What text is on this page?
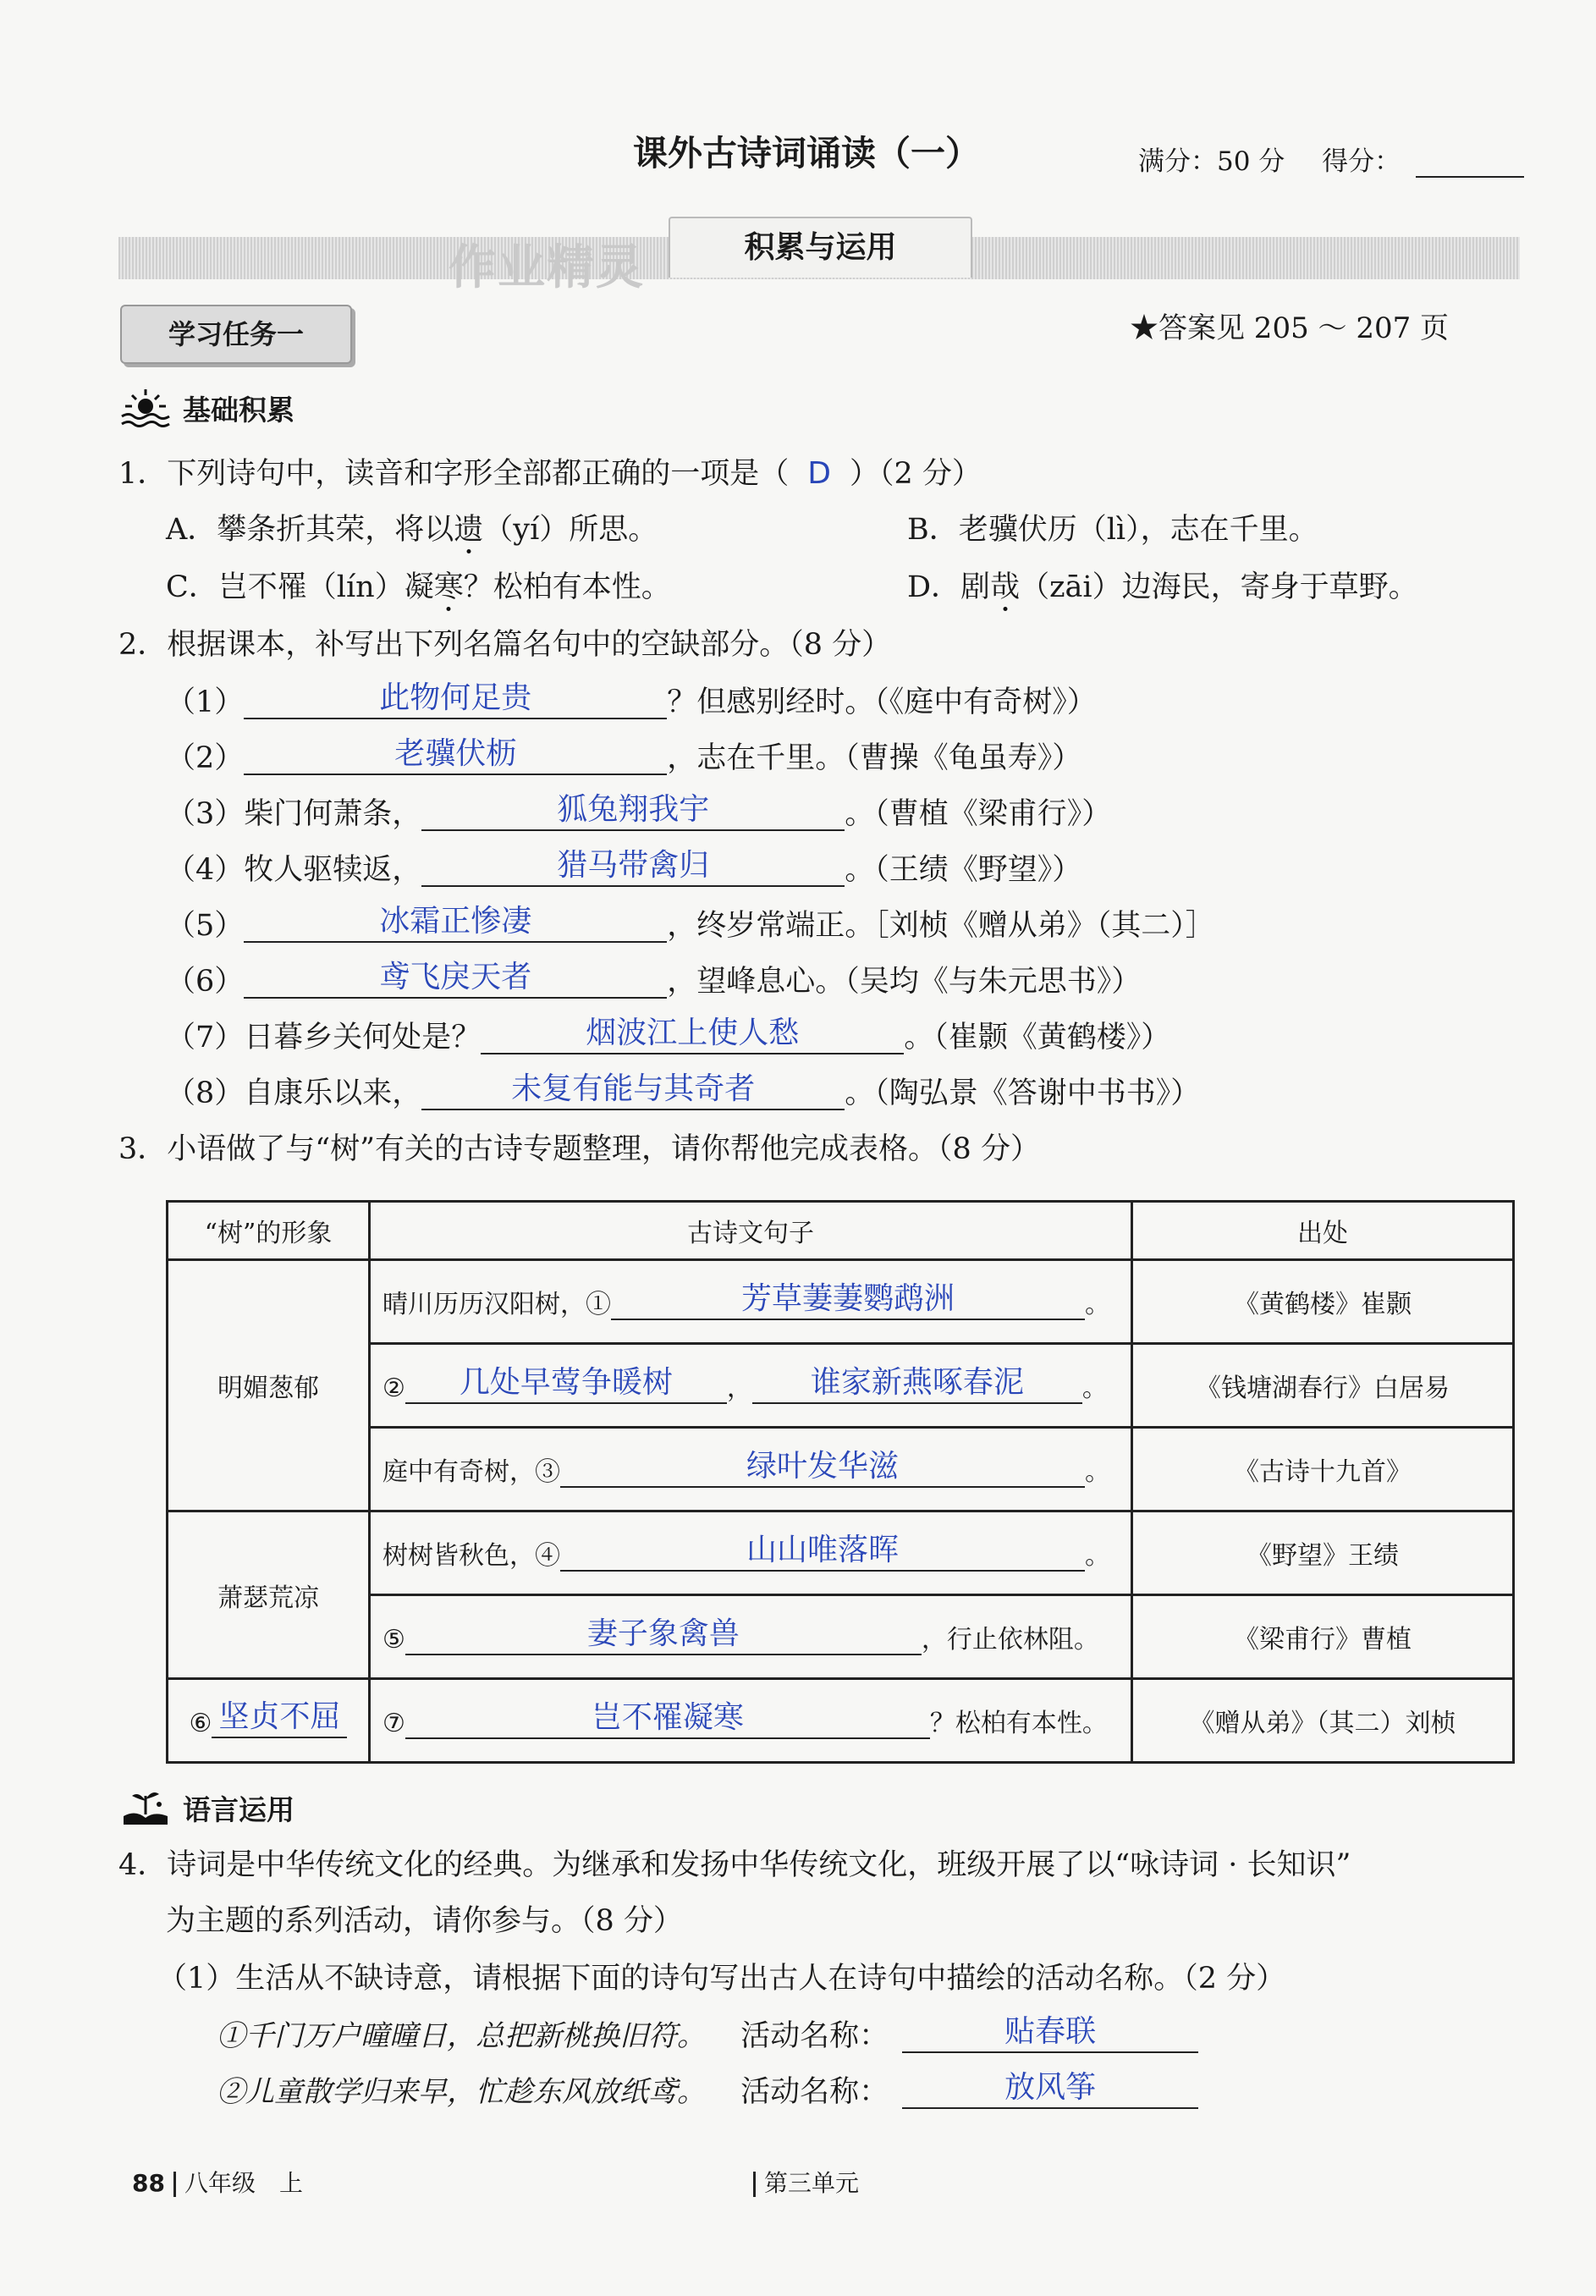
课外古诗词诵读（一）	满分：50 分 得分：
作业精灵	积累与运用
学习任务一	★答案见 205 ～ 207 页
基础积累
1．下列诗句中，读音和字形全部都正确的一项是（ D ）（2 分）
A．攀条折其荣，将以遗（yí）所思。	B．老骥伏历（lì），志在千里。
C．岂不罹（lín）凝寒？松柏有本性。	D．剧哉（zāi）边海民，寄身于草野。
2．根据课本，补写出下列名篇名句中的空缺部分。（8 分）
（1）	此物何足贵	？但感别经时。（《庭中有奇树》）
（2）	老骥伏枥	，志在千里。（曹操《龟虽寿》）
（3）柴门何萧条，	狐兔翔我宇	。（曹植《梁甫行》）
（4）牧人驱犊返，	猎马带禽归	。（王绩《野望》）
（5）	冰霜正惨凄	，终岁常端正。［刘桢《赠从弟》（其二）］
（6）	鸢飞戾天者	，望峰息心。（吴均《与朱元思书》）
（7）日暮乡关何处是？	烟波江上使人愁	。（崔颢《黄鹤楼》）
（8）自康乐以来，	未复有能与其奇者	。（陶弘景《答谢中书书》）
3．小语做了与“树”有关的古诗专题整理，请你帮他完成表格。（8 分）
“树”的形象	古诗文句子	出处
明媚葱郁	晴川历历汉阳树，① 芳草萋萋鹦鹉洲 。	《黄鹤楼》崔颢
	② 几处早莺争暖树 ， 谁家新燕啄春泥 。	《钱塘湖春行》白居易
	庭中有奇树，③ 绿叶发华滋 。	《古诗十九首》
萧瑟荒凉	树树皆秋色，④ 山山唯落晖 。	《野望》王绩
	⑤ 妻子象禽兽 ，行止依林阻。	《梁甫行》曹植
⑥ 坚贞不屈	⑦ 岂不罹凝寒 ？松柏有本性。	《赠从弟》（其二）刘桢
语言运用
4．诗词是中华传统文化的经典。为继承和发扬中华传统文化，班级开展了以“咏诗词 · 长知识”
为主题的系列活动，请你参与。（8 分）
（1）生活从不缺诗意，请根据下面的诗句写出古人在诗句中描绘的活动名称。（2 分）
①千门万户曈曈日，总把新桃换旧符。 活动名称：	贴春联
②儿童散学归来早，忙趁东风放纸鸢。 活动名称：	放风筝
88 八年级　上	第三单元
